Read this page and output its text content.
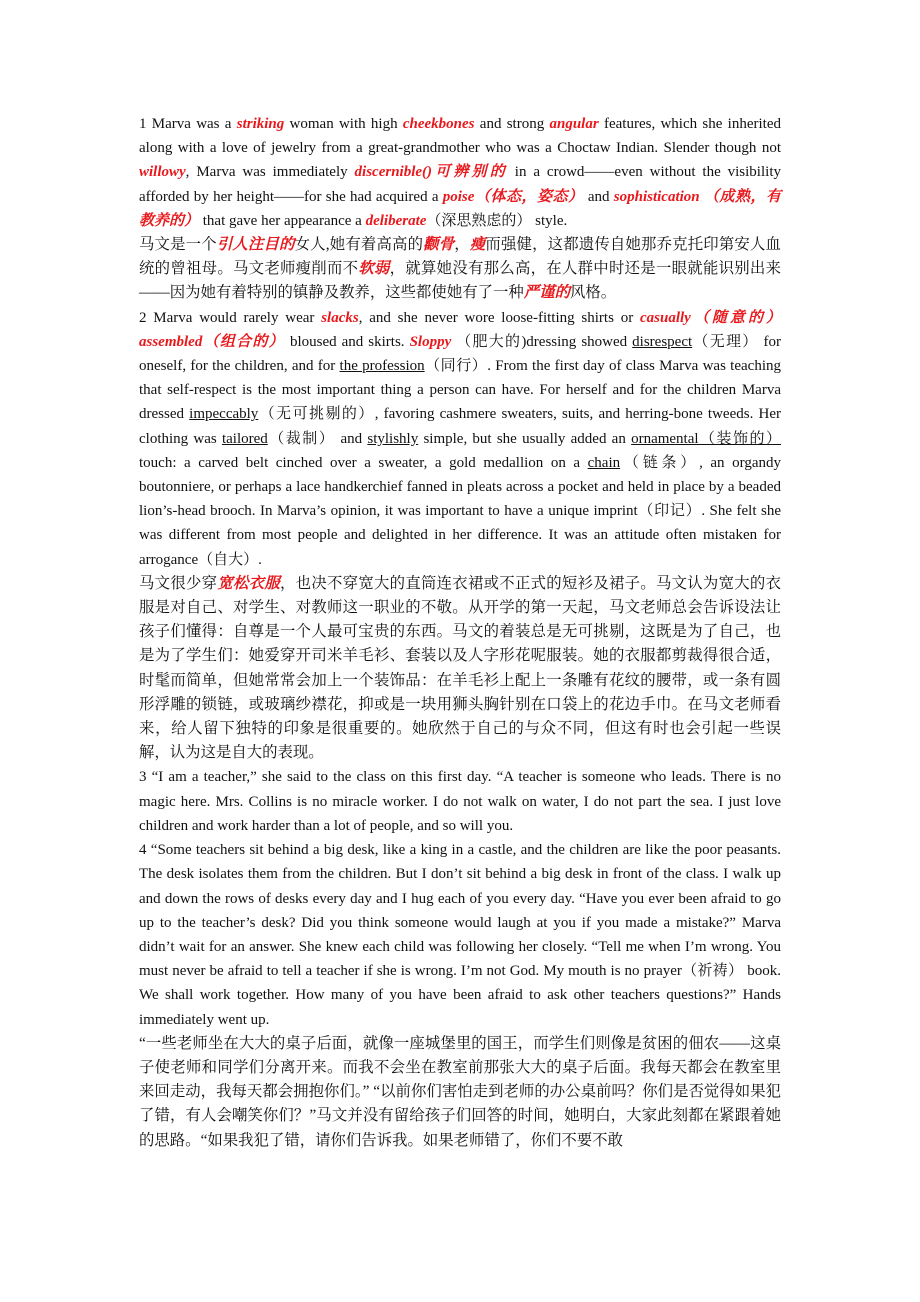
1 Marva was a striking woman with high cheekbones and strong angular features, which she inherited along with a love of jewelry from a great-grandmother who was a Choctaw Indian. Slender though not willowy, Marva was immediately discernible()可辨别的 in a crowd——even without the visibility afforded by her height——for she had acquired a poise（体态，姿态） and sophistication （成熟，有教养的） that gave her appearance a deliberate（深思熟虑的） style.

马文是一个引人注目的女人,她有着高高的颧骨，瘦而强健，这都遗传自她那乔克托印第安人血统的曾祖母。马文老师瘦削而不软弱，就算她没有那么高，在人群中时还是一眼就能识别出来——因为她有着特别的镇静及教养，这些都使她有了一种严谨的风格。

2 Marva would rarely wear slacks, and she never wore loose-fitting shirts or casually（随意的） assembled（组合的） bloused and skirts. Sloppy （肥大的)dressing showed disrespect（无理） for oneself, for the children, and for the profession（同行）. From the first day of class Marva was teaching that self-respect is the most important thing a person can have. For herself and for the children Marva dressed impeccably（无可挑剔的）, favoring cashmere sweaters, suits, and herring-bone tweeds. Her clothing was tailored（裁制） and stylishly simple, but she usually added an ornamental（装饰的） touch: a carved belt cinched over a sweater, a gold medallion on a chain（链条）, an organdy boutonniere, or perhaps a lace handkerchief fanned in pleats across a pocket and held in place by a beaded lion’s-head brooch. In Marva’s opinion, it was important to have a unique imprint（印记）. She felt she was different from most people and delighted in her difference. It was an attitude often mistaken for arrogance（自大）.

马文很少穿宽松衣服，也决不穿宽大的直筒连衣裙或不正式的短衫及裙子。马文认为宽大的衣服是对自己、对学生、对教师这一职业的不敬。从开学的第一天起，马文老师总会告诉设法让孩子们懂得：自尊是一个人最可宝贵的东西。马文的着装总是无可挑剔，这既是为了自己，也是为了学生们：她爱穿开司米羊毛衫、套装以及人字形花呢服装。她的衣服都剪裁得很合适，时髦而简单，但她常常会加上一个装饰品：在羊毛衫上配上一条雕有花纹的腰带，或一条有圆形浮雕的锁链，或玻璃纱襟花，抑或是一块用狮头胸针别在口袋上的花边手巾。在马文老师看来，给人留下独特的印象是很重要的。她欣然于自己的与众不同，但这有时也会引起一些误解，认为这是自大的表现。

3 “I am a teacher,” she said to the class on this first day. “A teacher is someone who leads. There is no magic here. Mrs. Collins is no miracle worker. I do not walk on water, I do not part the sea. I just love children and work harder than a lot of people, and so will you.

4 “Some teachers sit behind a big desk, like a king in a castle, and the children are like the poor peasants. The desk isolates them from the children. But I don’t sit behind a big desk in front of the class. I walk up and down the rows of desks every day and I hug each of you every day. “Have you ever been afraid to go up to the teacher’s desk? Did you think someone would laugh at you if you made a mistake?” Marva didn’t wait for an answer. She knew each child was following her closely. “Tell me when I’m wrong. You must never be afraid to tell a teacher if she is wrong. I’m not God. My mouth is no prayer（祈祷） book. We shall work together. How many of you have been afraid to ask other teachers questions?” Hands immediately went up.

“一些老师坐在大大的桌子后面，就像一座城堡里的国王，而学生们则像是贫困的佃农——这桌子使老师和同学们分离开来。而我不会坐在教室前那张大大的桌子后面。我每天都会在教室里来回走动，我每天都会拥抱你们。” “以前你们害怕走到老师的办公桌前吗？你们是否觉得如果犯了错，有人会嘲笑你们？”马文并没有留给孩子们回答的时间，她明白，大家此刻都在紧跟着她的思路。“如果我犯了错，请你们告诉我。如果老师错了，你们不要不敢
